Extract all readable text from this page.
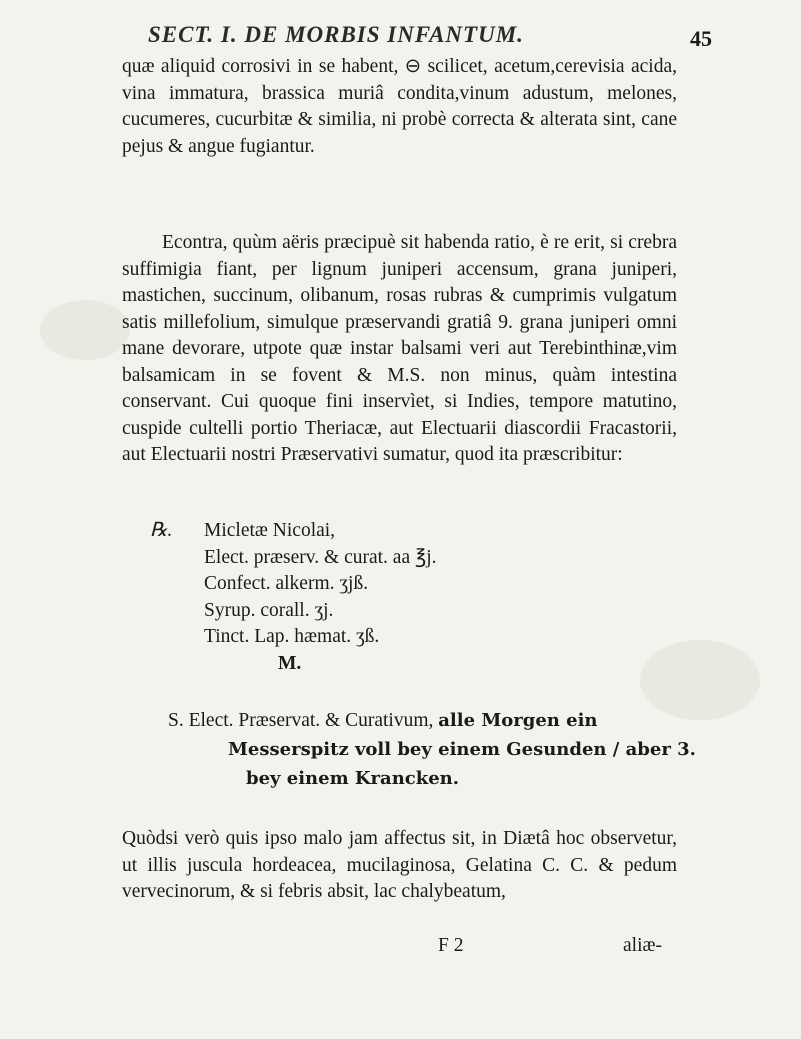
SECT. I. DE MORBIS INFANTUM.	45
quæ aliquid corrosivi in se habent, ⊖ scilicet, acetum,cerevisia acida, vina immatura, brassica muriâ condita,vinum adustum, melones, cucumeres, cucurbitæ & similia, ni probè correcta & alterata sint, cane pejus & angue fugiantur.
Econtra, quùm aëris præcipuè sit habenda ratio, è re erit, si crebra suffimigia fiant, per lignum juniperi accensum, grana juniperi, mastichen, succinum, olibanum, rosas rubras & cumprimis vulgatum satis millefolium, simulque præservandi gratiâ 9. grana juniperi omni mane devorare, utpote quæ instar balsami veri aut Terebinthinæ,vim balsamicam in se fovent & M.S. non minus, quàm intestina conservant. Cui quoque fini inservìet, si Indies, tempore matutino, cuspide cultelli portio Theriacæ, aut Electuarii diascordii Fracastorii, aut Electuarii nostri Præservativi sumatur, quod ita præscribitur:
℞. Micletæ Nicolai,
Elect. præserv. & curat. aa ℥j.
Confect. alkerm. ʒjß.
Syrup. corall. ʒj.
Tinct. Lap. hæmat. ʒß.
M.
S. Elect. Præservat. & Curativum, alle Morgen ein
Messerspitz voll bey einem Gesunden / aber 3.
bey einem Krancken.
Quòdsi verò quis ipso malo jam affectus sit, in Diætâ hoc observetur, ut illis juscula hordeacea, mucilaginosa, Gelatina C. C. & pedum vervecinorum, & si febris absit, lac chalybeatum,
F 2	aliæ-
